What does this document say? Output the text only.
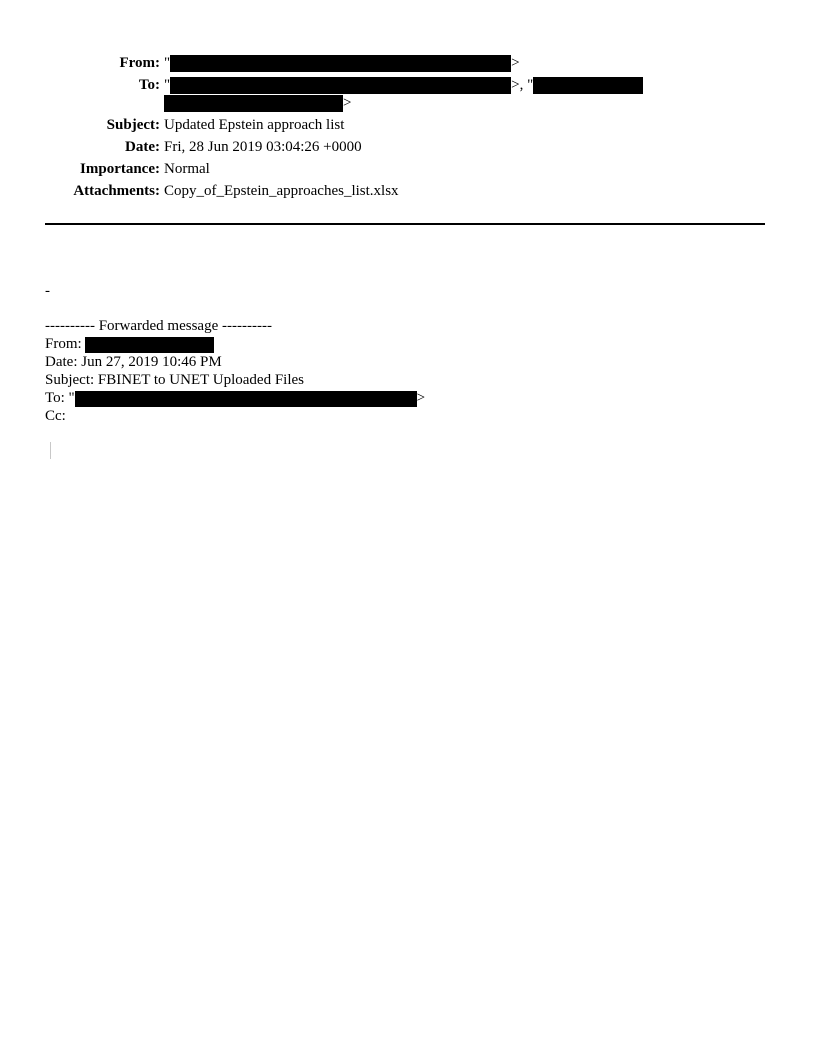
From: "	>
To: "	>, "
>
Subject: Updated Epstein approach list
Date: Fri, 28 Jun 2019 03:04:26 +0000
Importance: Normal
Attachments: Copy_of_Epstein_approaches_list.xlsx
-
---------- Forwarded message ----------
From:
Date: Jun 27, 2019 10:46 PM
Subject: FBINET to UNET Uploaded Files
To: "	>
Cc:
